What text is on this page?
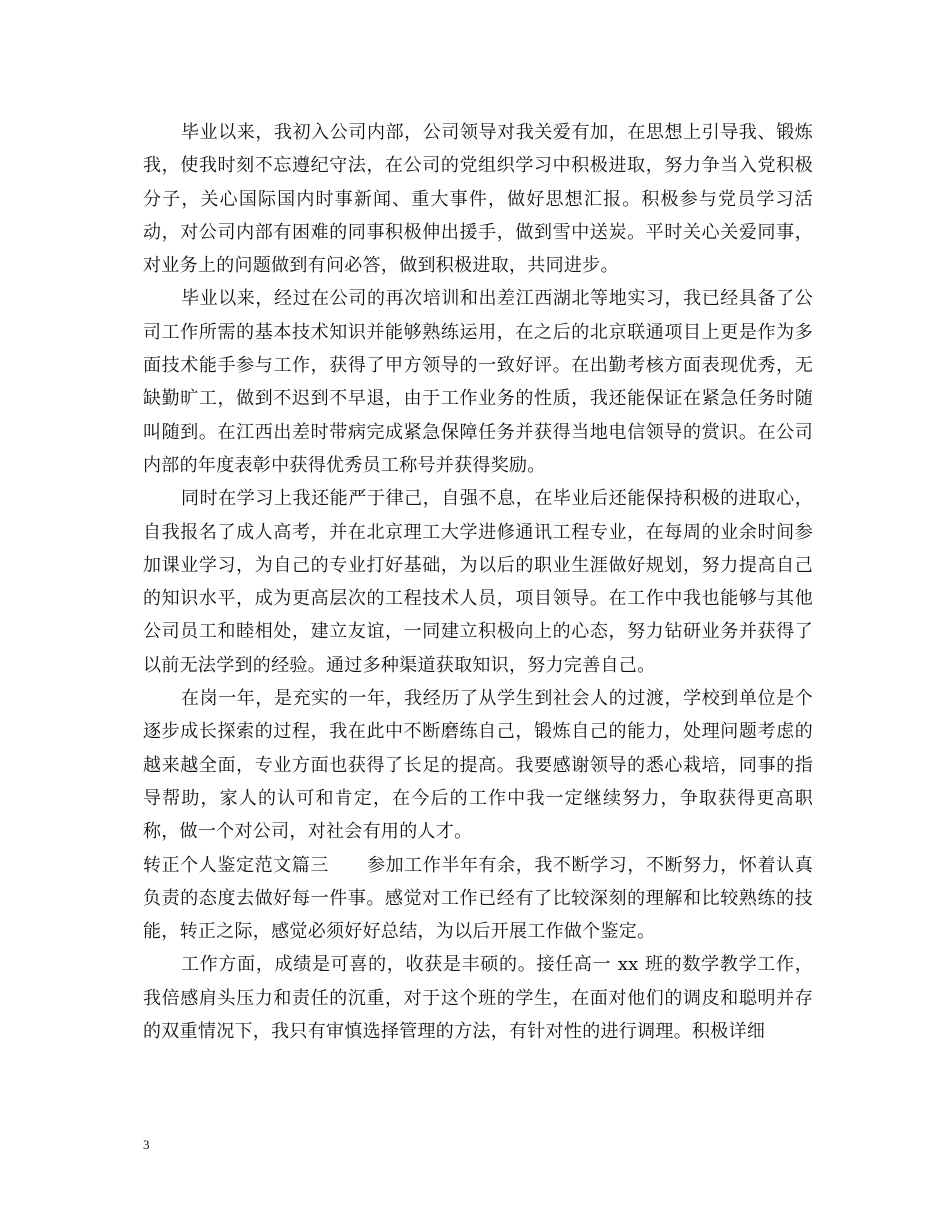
毕业以来，我初入公司内部，公司领导对我关爱有加，在思想上引导我、锻炼我，使我时刻不忘遵纪守法，在公司的党组织学习中积极进取，努力争当入党积极分子，关心国际国内时事新闻、重大事件，做好思想汇报。积极参与党员学习活动，对公司内部有困难的同事积极伸出援手，做到雪中送炭。平时关心关爱同事，对业务上的问题做到有问必答，做到积极进取，共同进步。

毕业以来，经过在公司的再次培训和出差江西湖北等地实习，我已经具备了公司工作所需的基本技术知识并能够熟练运用，在之后的北京联通项目上更是作为多面技术能手参与工作，获得了甲方领导的一致好评。在出勤考核方面表现优秀，无缺勤旷工，做到不迟到不早退，由于工作业务的性质，我还能保证在紧急任务时随叫随到。在江西出差时带病完成紧急保障任务并获得当地电信领导的赏识。在公司内部的年度表彰中获得优秀员工称号并获得奖励。

同时在学习上我还能严于律己，自强不息，在毕业后还能保持积极的进取心，自我报名了成人高考，并在北京理工大学进修通讯工程专业，在每周的业余时间参加课业学习，为自己的专业打好基础，为以后的职业生涯做好规划，努力提高自己的知识水平，成为更高层次的工程技术人员，项目领导。在工作中我也能够与其他公司员工和睦相处，建立友谊，一同建立积极向上的心态，努力钻研业务并获得了以前无法学到的经验。通过多种渠道获取知识，努力完善自己。

在岗一年，是充实的一年，我经历了从学生到社会人的过渡，学校到单位是个逐步成长探索的过程，我在此中不断磨练自己，锻炼自己的能力，处理问题考虑的越来越全面，专业方面也获得了长足的提高。我要感谢领导的悉心栽培，同事的指导帮助，家人的认可和肯定，在今后的工作中我一定继续努力，争取获得更高职称，做一个对公司，对社会有用的人才。

转正个人鉴定范文篇三 参加工作半年有余，我不断学习，不断努力，怀着认真负责的态度去做好每一件事。感觉对工作已经有了比较深刻的理解和比较熟练的技能，转正之际，感觉必须好好总结，为以后开展工作做个鉴定。

工作方面，成绩是可喜的，收获是丰硕的。接任高一 xx 班的数学教学工作，我倍感肩头压力和责任的沉重，对于这个班的学生，在面对他们的调皮和聪明并存的双重情况下，我只有审慎选择管理的方法，有针对性的进行调理。积极详细

3
